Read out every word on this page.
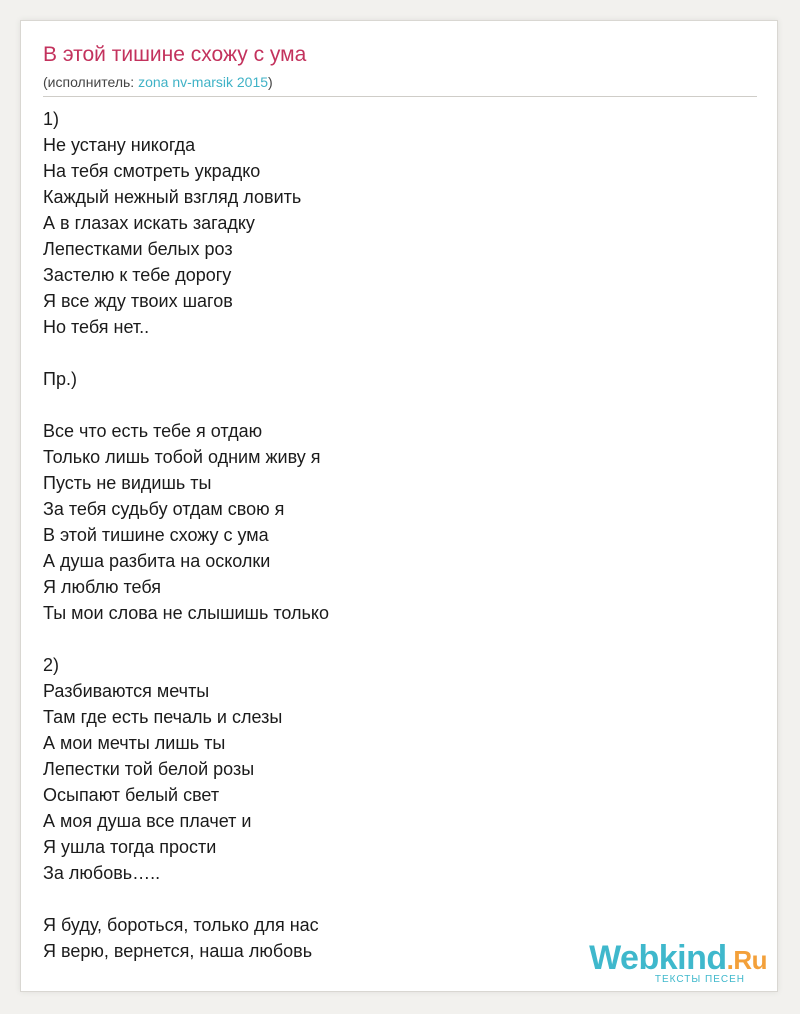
В этой тишине схожу с ума
(исполнитель: zona nv-marsik 2015)
1)
Не устану никогда
На тебя смотреть украдко
Каждый нежный взгляд ловить
А в глазах искать загадку
Лепестками белых роз
Застелю к тебе дорогу
Я все жду твоих шагов
Но тебя нет..
Пр.)
Все что есть тебе я отдаю
Только лишь тобой одним живу я
Пусть не видишь ты
За тебя судьбу отдам свою я
В этой тишине схожу с ума
А душа разбита на осколки
Я люблю тебя
Ты мои слова не слышишь только
2)
Разбиваются мечты
Там где есть печаль и слезы
А мои мечты лишь ты
Лепестки той белой розы
Осыпают белый свет
А моя душа все плачет и
Я ушла тогда прости
За любовь…..
Я буду, бороться, только для нас
Я верю, вернется, наша любовь	Webkind.Ru
ТЕКСТЫ ПЕСЕН
